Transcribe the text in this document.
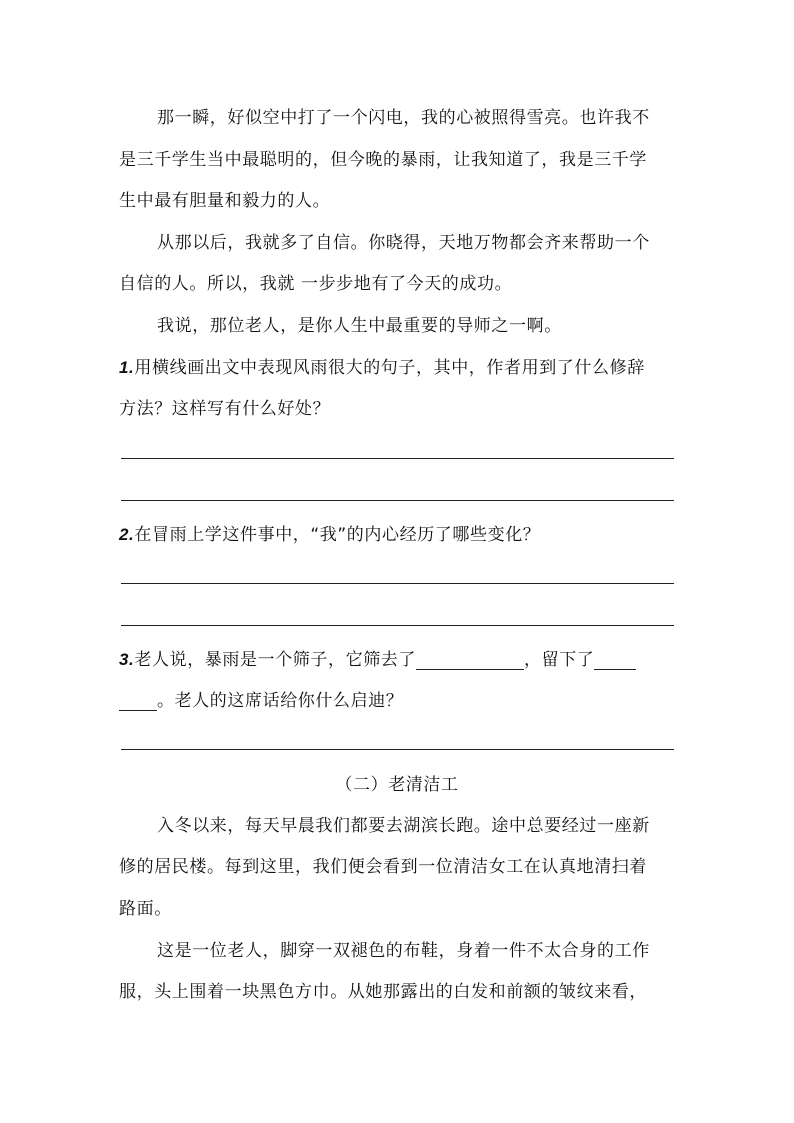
那一瞬，好似空中打了一个闪电，我的心被照得雪亮。也许我不
是三千学生当中最聪明的，但今晚的暴雨，让我知道了，我是三千学
生中最有胆量和毅力的人。
从那以后，我就多了自信。你晓得，天地万物都会齐来帮助一个
自信的人。所以，我就 一步步地有了今天的成功。
我说，那位老人，是你人生中最重要的导师之一啊。
1.用横线画出文中表现风雨很大的句子，其中，作者用到了什么修辞
方法？这样写有什么好处？
2.在冒雨上学这件事中，“我”的内心经历了哪些变化？
3.老人说，暴雨是一个筛子，它筛去了	，留下了
。老人的这席话给你什么启迪？
（二）老清洁工
入冬以来，每天早晨我们都要去湖滨长跑。途中总要经过一座新
修的居民楼。每到这里，我们便会看到一位清洁女工在认真地清扫着
路面。
这是一位老人，脚穿一双褪色的布鞋，身着一件不太合身的工作
服，头上围着一块黑色方巾。从她那露出的白发和前额的皱纹来看，
